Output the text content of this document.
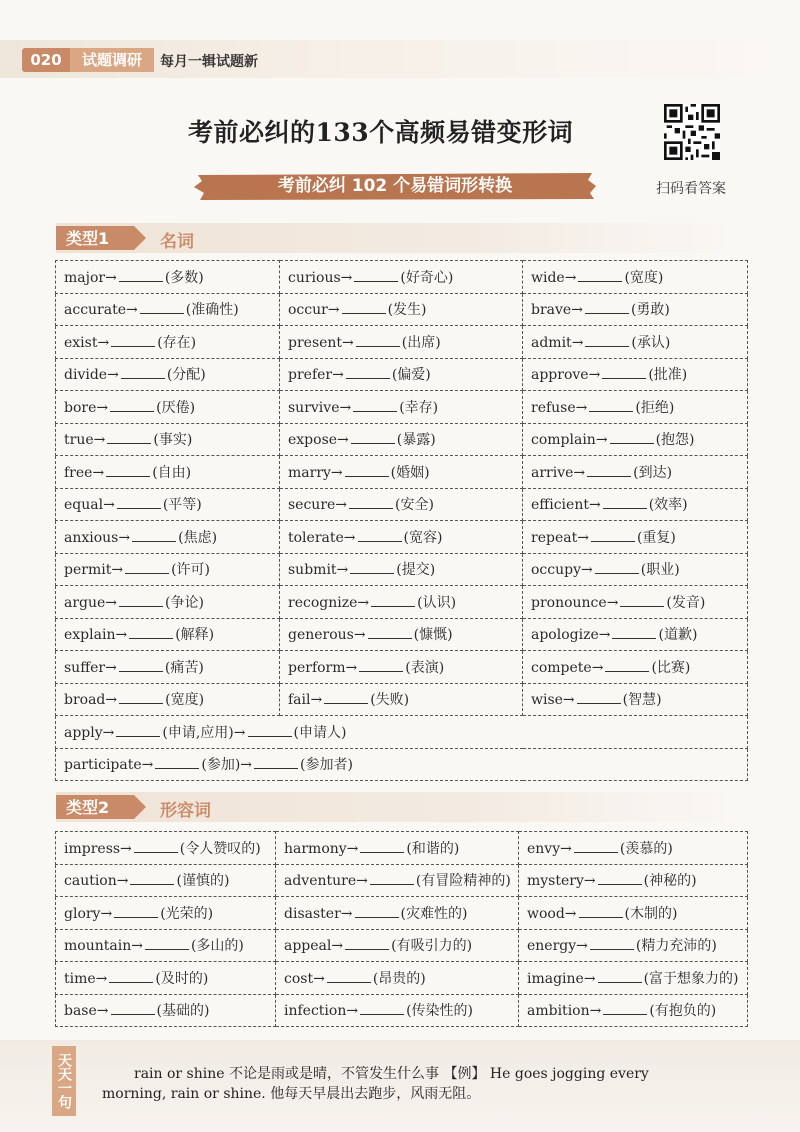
020	试题调研	每月一辑试题新
考前必纠的133个高频易错变形词
扫码看答案
考前必纠 102 个易错词形转换
类型1	名词
major→ (多数)	curious→ (好奇心)	wide→ (宽度)
accurate→ (准确性)	occur→ (发生)	brave→ (勇敢)
exist→ (存在)	present→ (出席)	admit→ (承认)
divide→ (分配)	prefer→ (偏爱)	approve→ (批准)
bore→ (厌倦)	survive→ (幸存)	refuse→ (拒绝)
true→ (事实)	expose→ (暴露)	complain→ (抱怨)
free→ (自由)	marry→ (婚姻)	arrive→ (到达)
equal→ (平等)	secure→ (安全)	efficient→ (效率)
anxious→ (焦虑)	tolerate→ (宽容)	repeat→ (重复)
permit→ (许可)	submit→ (提交)	occupy→ (职业)
argue→ (争论)	recognize→ (认识)	pronounce→ (发音)
explain→ (解释)	generous→ (慷慨)	apologize→ (道歉)
suffer→ (痛苦)	perform→ (表演)	compete→ (比赛)
broad→ (宽度)	fail→ (失败)	wise→ (智慧)
apply→ (申请,应用)→ (申请人)		
participate→ (参加)→ (参加者)		
类型2	形容词
impress→ (令人赞叹的)	harmony→ (和谐的)	envy→ (羡慕的)
caution→ (谨慎的)	adventure→ (有冒险精神的)	mystery→ (神秘的)
glory→ (光荣的)	disaster→ (灾难性的)	wood→ (木制的)
mountain→ (多山的)	appeal→ (有吸引力的)	energy→ (精力充沛的)
time→ (及时的)	cost→ (昂贵的)	imagine→ (富于想象力的)
base→ (基础的)	infection→ (传染性的)	ambition→ (有抱负的)
天天一句	rain or shine 不论是雨或是晴，不管发生什么事 【例】 He goes jogging every morning, rain or shine. 他每天早晨出去跑步，风雨无阻。
